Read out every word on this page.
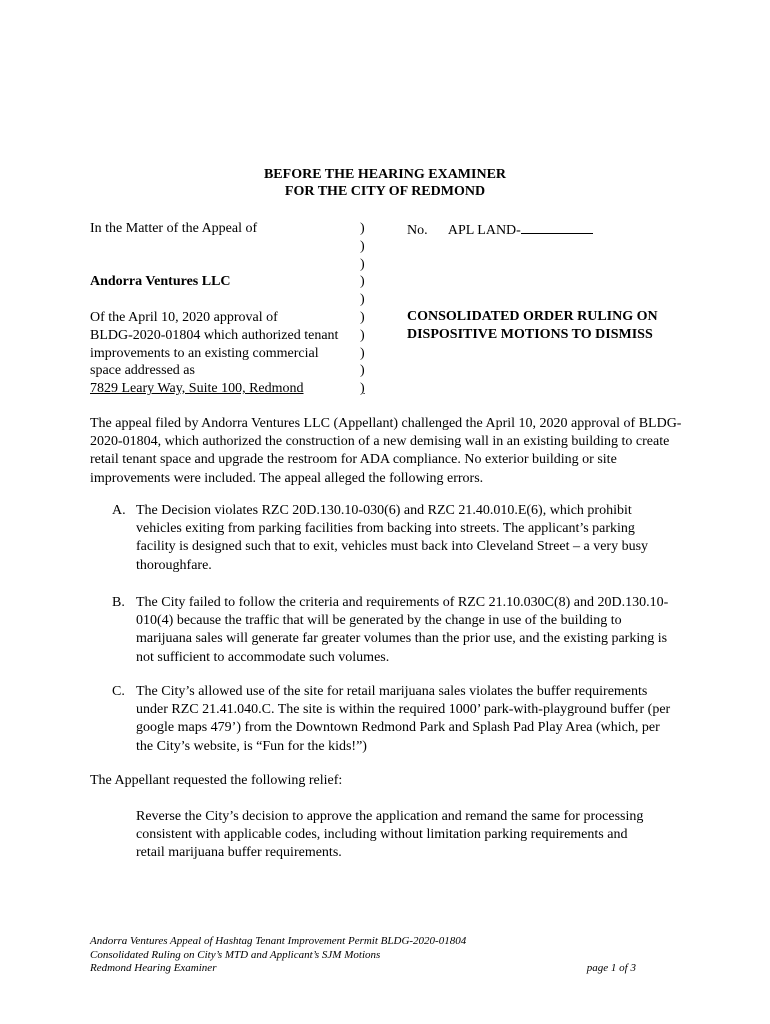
BEFORE THE HEARING EXAMINER
FOR THE CITY OF REDMOND
In the Matter of the Appeal of
Andorra Ventures LLC
Of the April 10, 2020 approval of
BLDG-2020-01804 which authorized tenant
improvements to an existing commercial
space addressed as
7829 Leary Way, Suite 100, Redmond
)
)
)
)
)
)
)
)
)
)
No. APL LAND-
CONSOLIDATED ORDER RULING ON DISPOSITIVE MOTIONS TO DISMISS
The appeal filed by Andorra Ventures LLC (Appellant) challenged the April 10, 2020 approval of BLDG-2020-01804, which authorized the construction of a new demising wall in an existing building to create retail tenant space and upgrade the restroom for ADA compliance. No exterior building or site improvements were included. The appeal alleged the following errors.
A. The Decision violates RZC 20D.130.10-030(6) and RZC 21.40.010.E(6), which prohibit vehicles exiting from parking facilities from backing into streets. The applicant’s parking facility is designed such that to exit, vehicles must back into Cleveland Street – a very busy thoroughfare.
B. The City failed to follow the criteria and requirements of RZC 21.10.030C(8) and 20D.130.10-010(4) because the traffic that will be generated by the change in use of the building to marijuana sales will generate far greater volumes than the prior use, and the existing parking is not sufficient to accommodate such volumes.
C. The City’s allowed use of the site for retail marijuana sales violates the buffer requirements under RZC 21.41.040.C. The site is within the required 1000’ park-with-playground buffer (per google maps 479’) from the Downtown Redmond Park and Splash Pad Play Area (which, per the City’s website, is “Fun for the kids!”)
The Appellant requested the following relief:
Reverse the City’s decision to approve the application and remand the same for processing consistent with applicable codes, including without limitation parking requirements and retail marijuana buffer requirements.
Andorra Ventures Appeal of Hashtag Tenant Improvement Permit BLDG-2020-01804
Consolidated Ruling on City’s MTD and Applicant’s SJM Motions
Redmond Hearing Examiner	page 1 of 3
